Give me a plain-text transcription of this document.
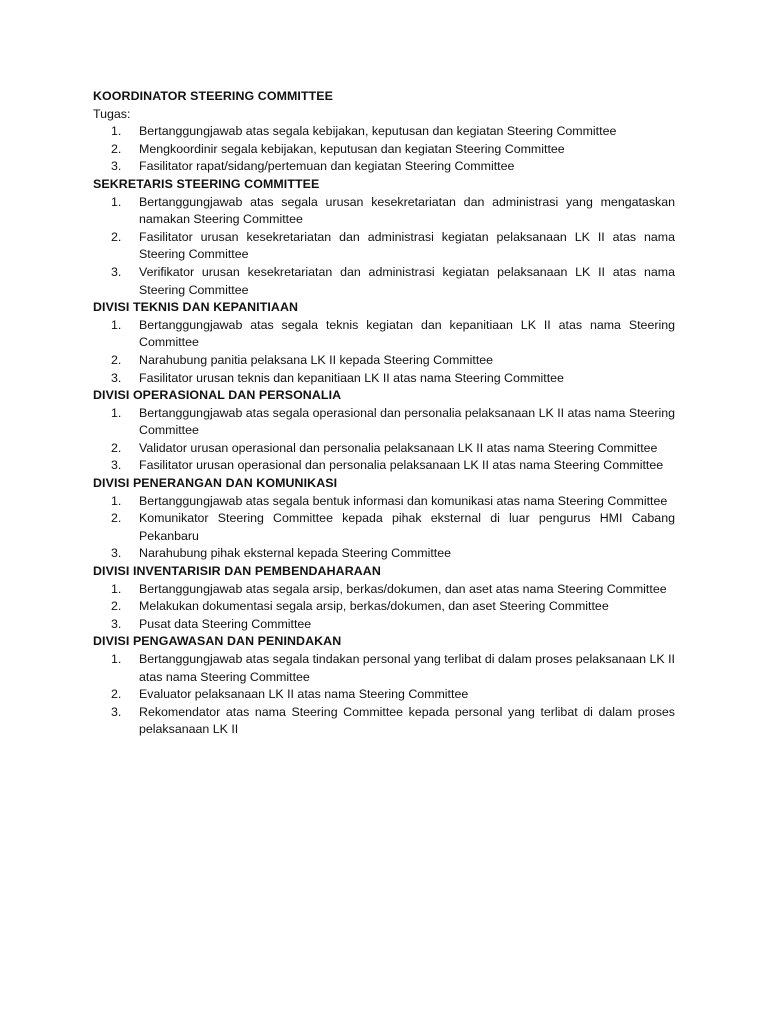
KOORDINATOR STEERING COMMITTEE

Tugas:

1.	Bertanggungjawab atas segala kebijakan, keputusan dan kegiatan Steering Committee
2.	Mengkoordinir segala kebijakan, keputusan dan kegiatan Steering Committee
3.	Fasilitator rapat/sidang/pertemuan dan kegiatan Steering Committee

SEKRETARIS STEERING COMMITTEE

1.	Bertanggungjawab atas segala urusan kesekretariatan dan administrasi yang mengataskan namakan Steering Committee
2.	Fasilitator urusan kesekretariatan dan administrasi kegiatan pelaksanaan LK II atas nama Steering Committee
3.	Verifikator urusan kesekretariatan dan administrasi kegiatan pelaksanaan LK II atas nama Steering Committee

DIVISI TEKNIS DAN KEPANITIAAN

1.	Bertanggungjawab atas segala teknis kegiatan dan kepanitiaan LK II atas nama Steering Committee
2.	Narahubung panitia pelaksana LK II kepada Steering Committee
3.	Fasilitator urusan teknis dan kepanitiaan LK II atas nama Steering Committee

DIVISI OPERASIONAL DAN PERSONALIA

1.	Bertanggungjawab atas segala operasional dan personalia pelaksanaan LK II atas nama Steering Committee
2.	Validator urusan operasional dan personalia pelaksanaan LK II atas nama Steering Committee
3.	Fasilitator urusan operasional dan personalia pelaksanaan LK II atas nama Steering Committee

DIVISI PENERANGAN DAN KOMUNIKASI

1.	Bertanggungjawab atas segala bentuk informasi dan komunikasi atas nama Steering Committee
2.	Komunikator Steering Committee kepada pihak eksternal di luar pengurus HMI Cabang Pekanbaru
3.	Narahubung pihak eksternal kepada Steering Committee

DIVISI INVENTARISIR DAN PEMBENDAHARAAN

1.	Bertanggungjawab atas segala arsip, berkas/dokumen, dan aset atas nama Steering Committee
2.	Melakukan dokumentasi segala arsip, berkas/dokumen, dan aset Steering Committee
3.	Pusat data Steering Committee

DIVISI PENGAWASAN DAN PENINDAKAN

1.	Bertanggungjawab atas segala tindakan personal yang terlibat di dalam proses pelaksanaan LK II atas nama Steering Committee
2.	Evaluator pelaksanaan LK II atas nama Steering Committee
3.	Rekomendator atas nama Steering Committee kepada personal yang terlibat di dalam proses pelaksanaan LK II
